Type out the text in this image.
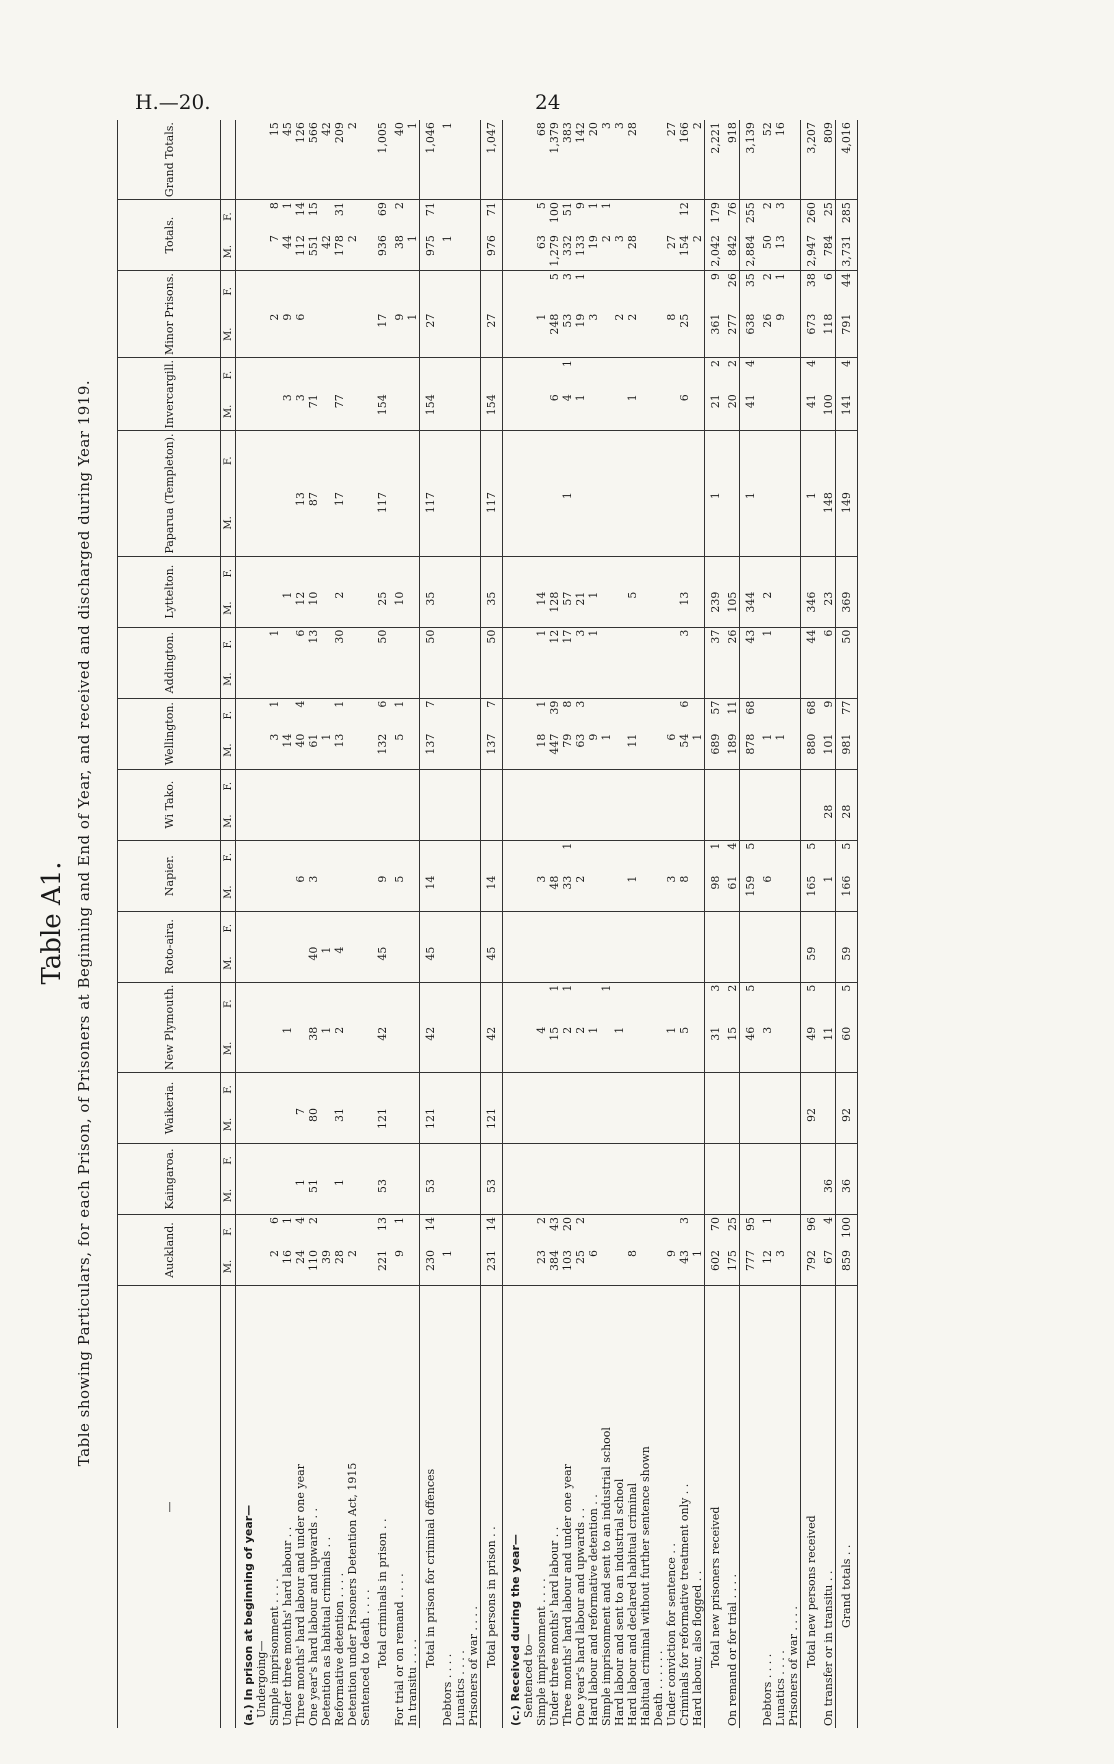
H.—20.	24
Table A1. Table showing Particulars, for each Prison, of Prisoners at Beginning and End of Year, and received and discharged during Year 1919.
—	Auckland.		Kaingaroa.		Waikeria.		New Plymouth.		Roto-aira.		Napier.		Wi Tako.		Wellington.		Addington.		Lyttelton.		Paparua (Templeton).		Invercargill.		Minor Prisons.		Totals.		Grand Totals.
	M.	F.	M.	F.	M.	F.	M.	F.	M.	F.	M.	F.	M.	F.	M.	F.	M.	F.	M.	F.	M.	F.	M.	F.	M.	F.	M.	F.	
(a.) In prison at beginning of year—																													
Undergoing—																													
Simple imprisonment . . . .	2	6													3	1		1							2		7	8	15
Under three months' hard labour . .	16	1					1								14				1				3		9		44	1	45
Three months' hard labour and under one year	24	4	1		7						6				40	4		6	12		13		3		6		112	14	126
One year's hard labour and upwards . .	110	2	51		80		38		40		3				61			13	10		87		71				551	15	566
Detention as habitual criminals . .	39						1		1						1												42		42
Reformative detention . . . .	28		1		31		2		4						13	1		30	2		17		77				178	31	209
Detention under Prisoners Detention Act, 1915	2																										2		2
Sentenced to death . . . .																													
Total criminals in prison . .	221	13	53		121		42		45		9				132	6		50	25		117		154		17		936	69	1,005
For trial or on remand . . . .	9	1									5				5	1			10						9		38	2	40
In transitu . . . .																									1		1		1
Total in prison for criminal offences	230	14	53		121		42		45		14				137	7		50	35		117		154		27		975	71	1,046
Debtors . . . .	1																										1		1
Lunatics . . . .																													
Prisoners of war . . . .																													
Total persons in prison . .	231	14	53		121		42		45		14				137	7		50	35		117		154		27		976	71	1,047
(c.) Received during the year—																													
Sentenced to—																													
Simple imprisonment . . . .	23	2					4				3				18	1		1	14						1		63	5	68
Under three months' hard labour . .	384	43					15	1			48				447	39		12	128				6		248	5	1,279	100	1,379
Three months' hard labour and under one year	103	20					2	1			33	1			79	8		17	57		1		4	1	53	3	332	51	383
One year's hard labour and upwards . .	25	2					2				2				63	3		3	21				1		19	1	133	9	142
Hard labour and reformative detention . .	6						1								9			1	1						3		19	1	20
Simple imprisonment and sent to an industrial school								1							1												2	1	3
Hard labour and sent to an industrial school							1																		2		3		3
Hard labour and declared habitual criminal	8										1				11				5				1		2		28		28
Habitual criminal without further sentence shown																													
Death . . . . . .																													
Under conviction for sentence . .	9						1				3				6										8		27		27
Criminals for reformative treatment only . .	43	3					5				8				54	6		3	13				6		25		154	12	166
Hard labour, also flogged . .	1														1												2		2
Total new prisoners received	602	70					31	3			98	1			689	57		37	239		1		21	2	361	9	2,042	179	2,221
On remand or for trial . . . .	175	25					15	2			61	4			189	11		26	105				20	2	277	26	842	76	918
	777	95					46	5			159	5			878	68		43	344		1		41	4	638	35	2,884	255	3,139
Debtors . . . .	12	1					3				6				1			1	2						26	2	50	2	52
Lunatics . . . .	3														1										9	1	13	3	16
Prisoners of war . . . .																													
Total new persons received	792	96			92		49	5	59		165	5			880	68		44	346		1		41	4	673	38	2,947	260	3,207
On transfer or in transitu . .	67	4	36				11				1		28		101	9		6	23		148		100		118	6	784	25	809
Grand totals . .	859	100	36		92		60	5	59		166	5	28		981	77		50	369		149		141	4	791	44	3,731	285	4,016
